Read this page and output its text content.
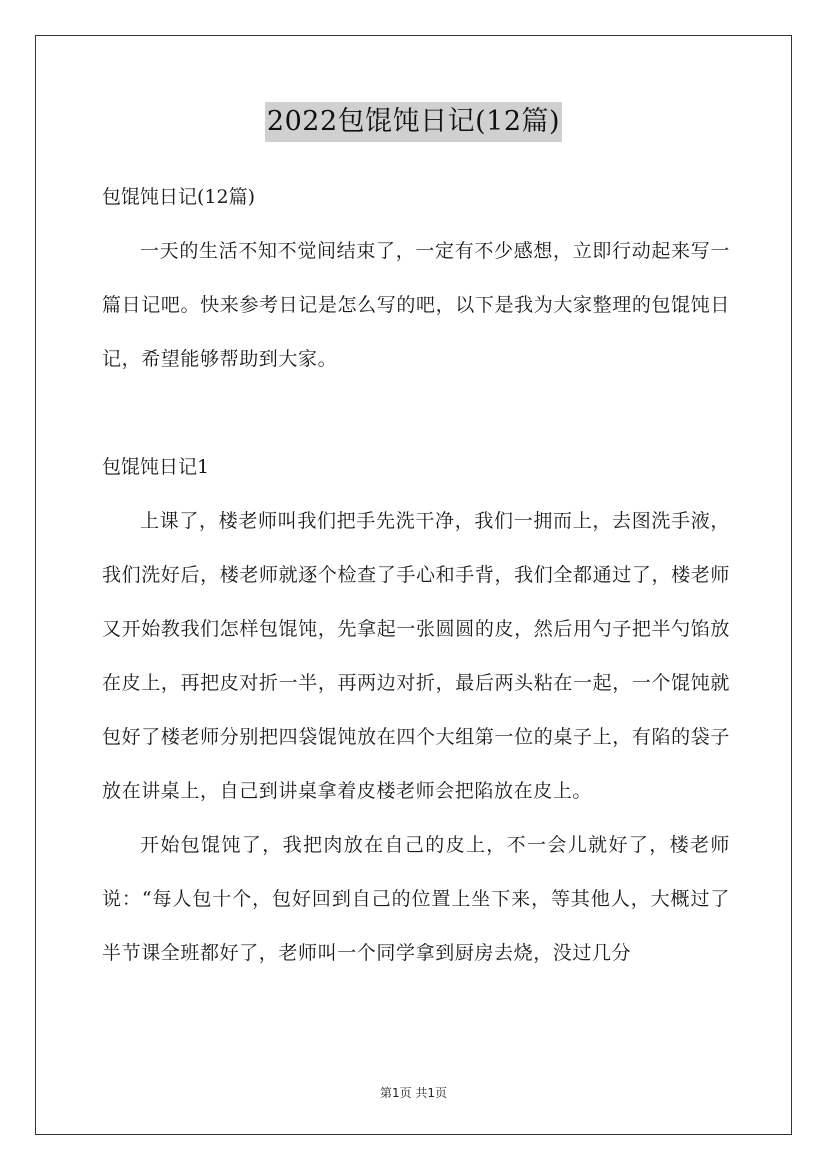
2022包馄饨日记(12篇)

包馄饨日记(12篇)

一天的生活不知不觉间结束了，一定有不少感想，立即行动起来写一篇日记吧。快来参考日记是怎么写的吧，以下是我为大家整理的包馄饨日记，希望能够帮助到大家。

包馄饨日记1

上课了，楼老师叫我们把手先洗干净，我们一拥而上，去图洗手液，我们洗好后，楼老师就逐个检查了手心和手背，我们全都通过了，楼老师又开始教我们怎样包馄饨，先拿起一张圆圆的皮，然后用勺子把半勺馅放在皮上，再把皮对折一半，再两边对折，最后两头粘在一起，一个馄饨就包好了楼老师分别把四袋馄饨放在四个大组第一位的桌子上，有陷的袋子放在讲桌上，自己到讲桌拿着皮楼老师会把陷放在皮上。

开始包馄饨了，我把肉放在自己的皮上，不一会儿就好了，楼老师说：“每人包十个，包好回到自己的位置上坐下来，等其他人，大概过了半节课全班都好了，老师叫一个同学拿到厨房去烧，没过几分

第1页 共1页
